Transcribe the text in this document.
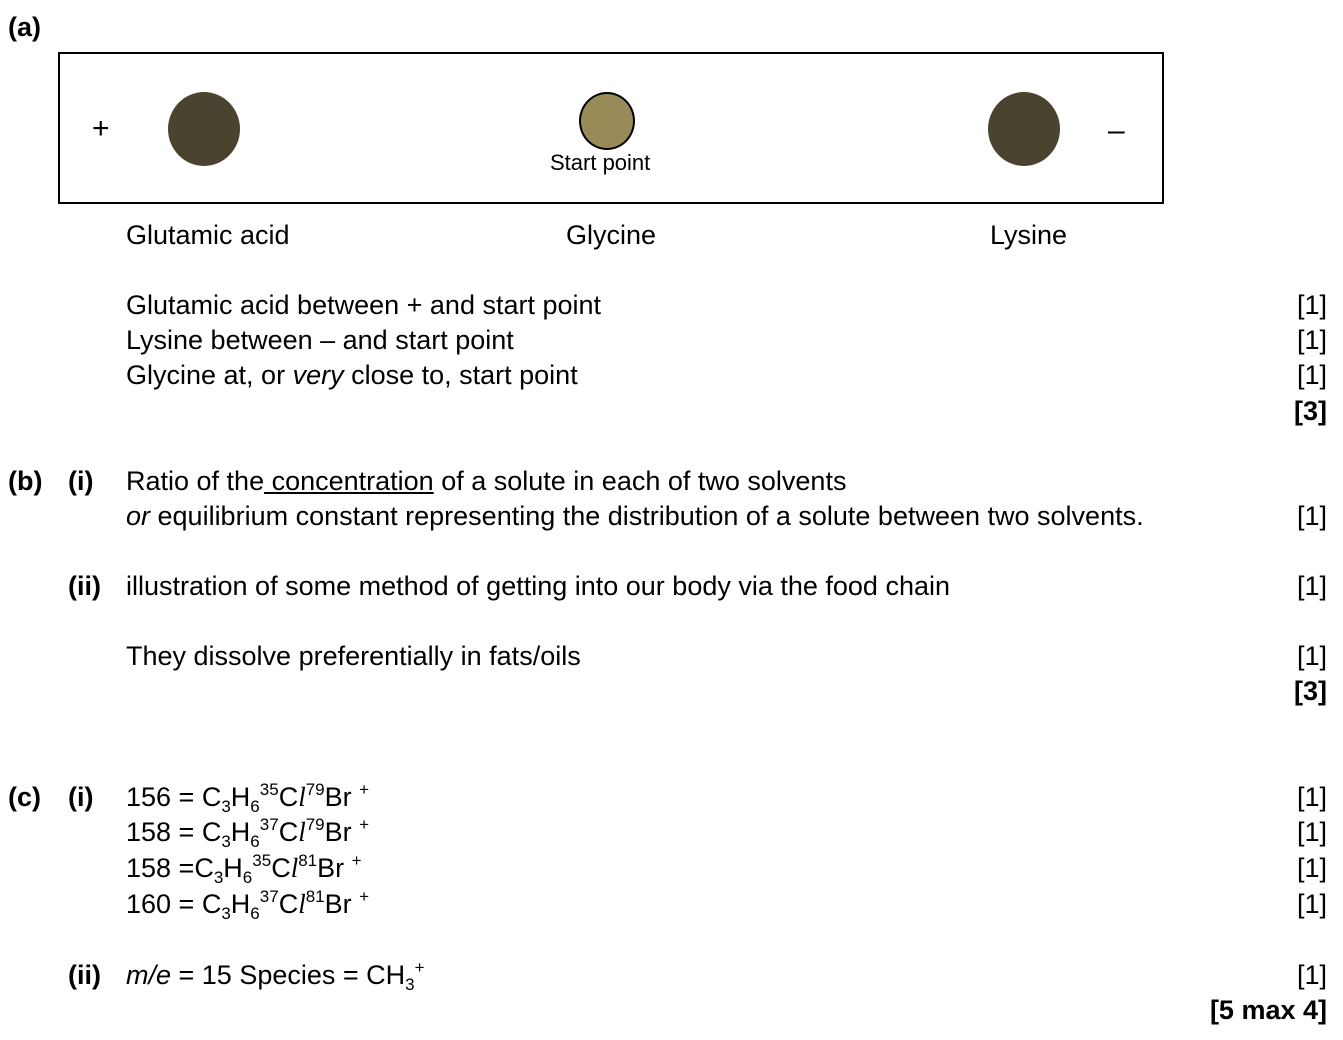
(a)
+
Start point
–
Glutamic acid	Glycine	Lysine
Glutamic acid between + and start point	[1]
Lysine between – and start point	[1]
Glycine at, or very close to, start point	[1]
[3]
(b) (i) Ratio of the concentration of a solute in each of two solvents
or equilibrium constant representing the distribution of a solute between two solvents.	[1]
(ii) illustration of some method of getting into our body via the food chain	[1]
They dissolve preferentially in fats/oils	[1]
[3]
(c) (i) $156 = C_3H_6^{35}Cl^{79}Br$ +	[1]
$158 = C_3H_6^{37}Cl^{79}Br$ +	[1]
$158 =C_3H_6^{35}Cl^{81}Br$ +	[1]
$160 = C_3H_6^{37}Cl^{81}Br$ +	[1]
(ii) m/e = 15 Species = $CH_3^+$	[1]
[5 max 4]
